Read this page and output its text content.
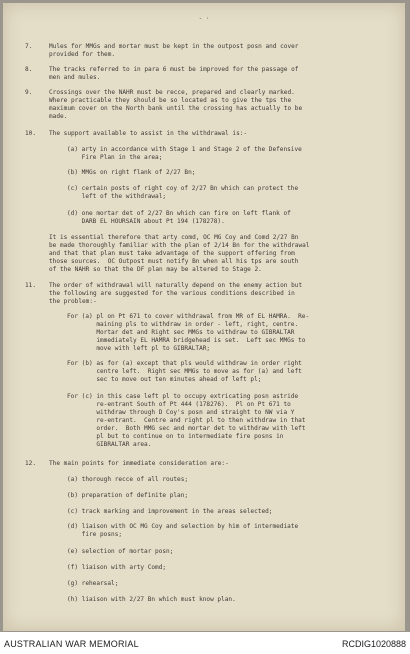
- ·
7.	Mules for MMGs and mortar must be kept in the outpost posn and cover
provided for them.
8.	The tracks referred to in para 6 must be improved for the passage of
men and mules.
9.	Crossings over the NAHR must be recce, prepared and clearly marked.
Where practicable they should be so located as to give the tps the
maximum cover on the North bank until the crossing has actually to be
made.
10. The support available to assist in the withdrawal is:-
(a) arty in accordance with Stage 1 and Stage 2 of the Defensive
Fire Plan in the area;
(b) MMGs on right flank of 2/27 Bn;
(c) certain posts of right coy of 2/27 Bn which can protect the
left of the withdrawal;
(d) one mortar det of 2/27 Bn which can fire on left flank of
DARB EL HOURSAIN about Pt 194 (178278).
It is essential therefore that arty comd, OC MG Coy and Comd 2/27 Bn
be made thoroughly familiar with the plan of 2/14 Bn for the withdrawal
and that that plan must take advantage of the support offering from
those sources.  OC Outpost must notify Bn when all his tps are south
of the NAHR so that the DF plan may be altered to Stage 2.
11. The order of withdrawal will naturally depend on the enemy action but
the following are suggested for the various conditions described in
the problem:-
For (a) pl on Pt 671 to cover withdrawal from MR of EL HAMRA.  Re-
maining pls to withdraw in order - left, right, centre.
Mortar det and Right sec MMGs to withdraw to GIBRALTAR
immediately EL HAMRA bridgehead is set.  Left sec MMGs to
move with left pl to GIBRALTAR;
For (b) as for (a) except that pls would withdraw in order right
centre left.  Right sec MMGs to move as for (a) and left
sec to move out ten minutes ahead of left pl;
For (c) in this case left pl to occupy extricating posn astride
re-entrant South of Pt 444 (178276).  Pl on Pt 671 to
withdraw through D Coy's posn and straight to NW via Y
re-entrant.  Centre and right pl to then withdraw in that
order.  Both MMG sec and mortar det to withdraw with left
pl but to continue on to intermediate fire posns in
GIBRALTAR area.
12. The main points for immediate consideration are:-
(a) thorough recce of all routes;
(b) preparation of definite plan;
(c) track marking and improvement in the areas selected;
(d) liaison with OC MG Coy and selection by him of intermediate
fire posns;
(e) selection of mortar posn;
(f) liaison with arty Comd;
(g) rehearsal;
(h) liaison with 2/27 Bn which must know plan.
AUSTRALIAN WAR MEMORIAL	RCDIG1020888
